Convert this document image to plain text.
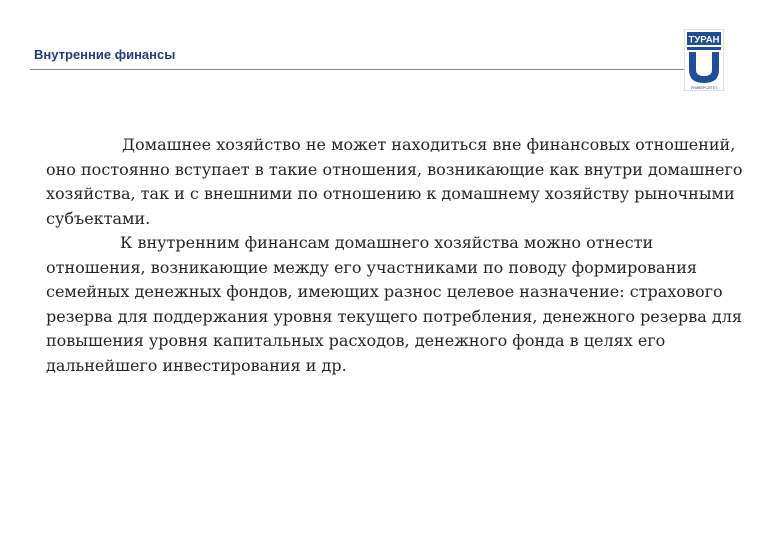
Внутренние финансы
ТУРАН
УНИВЕРСИТЕТ

Домашнее хозяйство не может находиться вне финансовых отношений, оно постоянно вступает в такие отношения, возникающие как внутри домашнего хозяйства, так и с внешними по отношению к домашнему хозяйству рыночными субъектами.

К внутренним финансам домашнего хозяйства можно отнести отношения, возникающие между его участниками по поводу формирования семейных денежных фондов, имеющих разнос целевое назначение: страхового резерва для поддержания уровня текущего потребления, денежного резерва для повышения уровня капитальных расходов, денежного фонда в целях его дальнейшего инвестирования и др.
